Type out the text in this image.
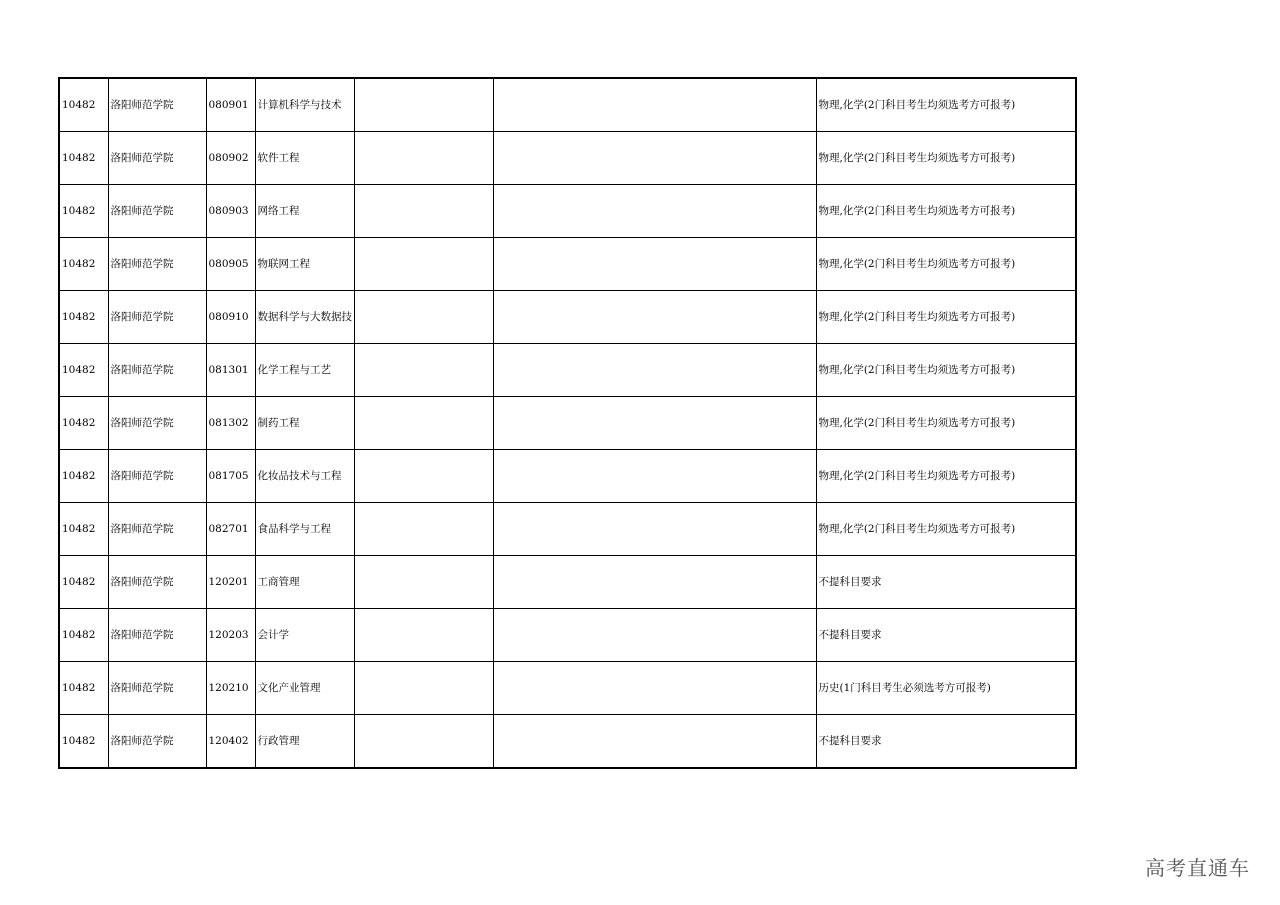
10482	洛阳师范学院	080901	计算机科学与技术			物理,化学(2门科目考生均须选考方可报考)
10482	洛阳师范学院	080902	软件工程			物理,化学(2门科目考生均须选考方可报考)
10482	洛阳师范学院	080903	网络工程			物理,化学(2门科目考生均须选考方可报考)
10482	洛阳师范学院	080905	物联网工程			物理,化学(2门科目考生均须选考方可报考)
10482	洛阳师范学院	080910	数据科学与大数据技			物理,化学(2门科目考生均须选考方可报考)
10482	洛阳师范学院	081301	化学工程与工艺			物理,化学(2门科目考生均须选考方可报考)
10482	洛阳师范学院	081302	制药工程			物理,化学(2门科目考生均须选考方可报考)
10482	洛阳师范学院	081705	化妆品技术与工程			物理,化学(2门科目考生均须选考方可报考)
10482	洛阳师范学院	082701	食品科学与工程			物理,化学(2门科目考生均须选考方可报考)
10482	洛阳师范学院	120201	工商管理			不提科目要求
10482	洛阳师范学院	120203	会计学			不提科目要求
10482	洛阳师范学院	120210	文化产业管理			历史(1门科目考生必须选考方可报考)
10482	洛阳师范学院	120402	行政管理			不提科目要求
高考直通车
